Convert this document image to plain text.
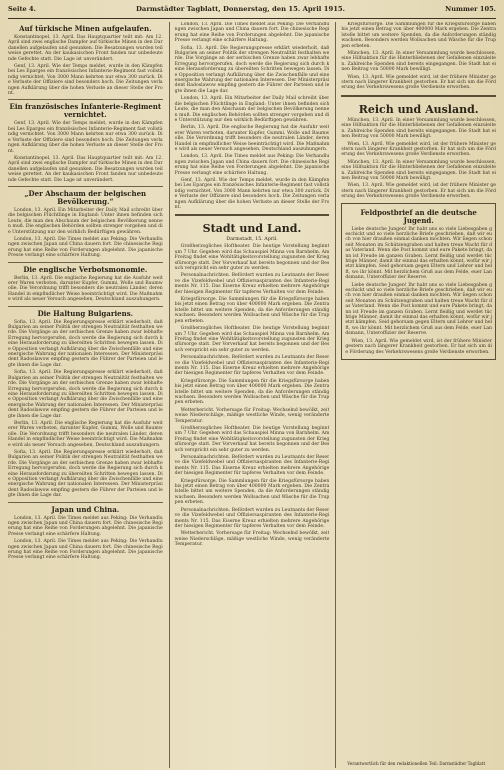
Seite 4.	Darmstädter Tagblatt, Donnerstag, den 15. April 1915.	Nummer 105.
Auf türkische Minen aufgelaufen.

Konstantinopel, 13. April. Das Hauptquartier teilt mit: Am 12. April sind zwei englische Dampfer auf türkische Minen in den Dardanellen aufgelaufen und gesunken. Die Besatzungen wurden teilweise gerettet. An der kaukasischen Front fanden nur unbedeutende Gefechte statt. Die Lage ist unverändert.

Genf, 13. April. Wie der Temps meldet, wurde in den Kämpfen bei Les Eparges ein französisches Infanterie-Regiment fast vollständig vernichtet. Von 3000 Mann kehrten nur etwa 300 zurück. Die Verluste der Offiziere sind besonders hoch. Die Zeitungen verlangen Aufklärung über die hohen Verluste an dieser Stelle der Front.

Ein französisches Infanterie-Regiment vernichtet.

Genf, 13. April. Wie der Temps meldet, wurde in den Kämpfen bei Les Eparges ein französisches Infanterie-Regiment fast vollständig vernichtet. Von 3000 Mann kehrten nur etwa 300 zurück. Die Verluste der Offiziere sind besonders hoch. Die Zeitungen verlangen Aufklärung über die hohen Verluste an dieser Stelle der Front.

Konstantinopel, 13. April. Das Hauptquartier teilt mit: Am 12. April sind zwei englische Dampfer auf türkische Minen in den Dardanellen aufgelaufen und gesunken. Die Besatzungen wurden teilweise gerettet. An der kaukasischen Front fanden nur unbedeutende Gefechte statt. Die Lage ist unverändert.

„Der Abschaum der belgischen Bevölkerung.“

London, 13. April. Ein Mitarbeiter der Daily Mail schreibt über die belgischen Flüchtlinge in England: Unter ihnen befinden sich Leute, die man den Abschaum der belgischen Bevölkerung nennen muß. Die englischen Behörden sollten strenger vorgehen und die Unterstützung nur den wirklich Bedürftigen gewähren.

London, 13. April. Die Times meldet aus Peking: Die Verhandlungen zwischen Japan und China dauern fort. Die chinesische Regierung hat eine Reihe von Forderungen abgelehnt. Die japanische Presse verlangt eine schärfere Haltung.

Die englische Verbotsmonomie.

Berlin, 13. April. Die englische Regierung hat die Ausfuhr weiterer Waren verboten, darunter Kupfer, Gummi, Wolle und Baumwolle. Die Verordnung trifft besonders die neutralen Länder, deren Handel in empfindlicher Weise beeinträchtigt wird. Die Maßnahme wird als neuer Versuch angesehen, Deutschland auszuhungern.

Die Haltung Bulgariens.

Sofia, 13. April. Die Regierungspresse erklärt wiederholt, daß Bulgarien an seiner Politik der strengen Neutralität festhalten werde. Die Vorgänge an der serbischen Grenze haben zwar lebhafte Erregung hervorgerufen, doch werde die Regierung sich durch keine Herausforderung zu übereilten Schritten bewegen lassen. Die Opposition verlangt Aufklärung über die Zwischenfälle und eine energische Wahrung der nationalen Interessen. Der Ministerpräsident Radoslawow empfing gestern die Führer der Parteien und legte ihnen die Lage dar.

Sofia, 13. April. Die Regierungspresse erklärt wiederholt, daß Bulgarien an seiner Politik der strengen Neutralität festhalten werde. Die Vorgänge an der serbischen Grenze haben zwar lebhafte Erregung hervorgerufen, doch werde die Regierung sich durch keine Herausforderung zu übereilten Schritten bewegen lassen. Die Opposition verlangt Aufklärung über die Zwischenfälle und eine energische Wahrung der nationalen Interessen. Der Ministerpräsident Radoslawow empfing gestern die Führer der Parteien und legte ihnen die Lage dar.

Berlin, 13. April. Die englische Regierung hat die Ausfuhr weiterer Waren verboten, darunter Kupfer, Gummi, Wolle und Baumwolle. Die Verordnung trifft besonders die neutralen Länder, deren Handel in empfindlicher Weise beeinträchtigt wird. Die Maßnahme wird als neuer Versuch angesehen, Deutschland auszuhungern.

Sofia, 13. April. Die Regierungspresse erklärt wiederholt, daß Bulgarien an seiner Politik der strengen Neutralität festhalten werde. Die Vorgänge an der serbischen Grenze haben zwar lebhafte Erregung hervorgerufen, doch werde die Regierung sich durch keine Herausforderung zu übereilten Schritten bewegen lassen. Die Opposition verlangt Aufklärung über die Zwischenfälle und eine energische Wahrung der nationalen Interessen. Der Ministerpräsident Radoslawow empfing gestern die Führer der Parteien und legte ihnen die Lage dar.

Japan und China.

London, 13. April. Die Times meldet aus Peking: Die Verhandlungen zwischen Japan und China dauern fort. Die chinesische Regierung hat eine Reihe von Forderungen abgelehnt. Die japanische Presse verlangt eine schärfere Haltung.

London, 13. April. Die Times meldet aus Peking: Die Verhandlungen zwischen Japan und China dauern fort. Die chinesische Regierung hat eine Reihe von Forderungen abgelehnt. Die japanische Presse verlangt eine schärfere Haltung.

London, 13. April. Die Times meldet aus Peking: Die Verhandlungen zwischen Japan und China dauern fort. Die chinesische Regierung hat eine Reihe von Forderungen abgelehnt. Die japanische Presse verlangt eine schärfere Haltung.

Sofia, 13. April. Die Regierungspresse erklärt wiederholt, daß Bulgarien an seiner Politik der strengen Neutralität festhalten werde. Die Vorgänge an der serbischen Grenze haben zwar lebhafte Erregung hervorgerufen, doch werde die Regierung sich durch keine Herausforderung zu übereilten Schritten bewegen lassen. Die Opposition verlangt Aufklärung über die Zwischenfälle und eine energische Wahrung der nationalen Interessen. Der Ministerpräsident Radoslawow empfing gestern die Führer der Parteien und legte ihnen die Lage dar.

London, 13. April. Ein Mitarbeiter der Daily Mail schreibt über die belgischen Flüchtlinge in England: Unter ihnen befinden sich Leute, die man den Abschaum der belgischen Bevölkerung nennen muß. Die englischen Behörden sollten strenger vorgehen und die Unterstützung nur den wirklich Bedürftigen gewähren.

Berlin, 13. April. Die englische Regierung hat die Ausfuhr weiterer Waren verboten, darunter Kupfer, Gummi, Wolle und Baumwolle. Die Verordnung trifft besonders die neutralen Länder, deren Handel in empfindlicher Weise beeinträchtigt wird. Die Maßnahme wird als neuer Versuch angesehen, Deutschland auszuhungern.

London, 13. April. Die Times meldet aus Peking: Die Verhandlungen zwischen Japan und China dauern fort. Die chinesische Regierung hat eine Reihe von Forderungen abgelehnt. Die japanische Presse verlangt eine schärfere Haltung.

Genf, 13. April. Wie der Temps meldet, wurde in den Kämpfen bei Les Eparges ein französisches Infanterie-Regiment fast vollständig vernichtet. Von 3000 Mann kehrten nur etwa 300 zurück. Die Verluste der Offiziere sind besonders hoch. Die Zeitungen verlangen Aufklärung über die hohen Verluste an dieser Stelle der Front.

Stadt und Land.
Darmstadt, 15. April.

Großherzogliches Hoftheater. Die heutige Vorstellung beginnt um 7 Uhr. Gegeben wird das Schauspiel Minna von Barnhelm. Am Freitag findet eine Wohltätigkeitsvorstellung zugunsten der Kriegsfürsorge statt. Der Vorverkauf hat bereits begonnen und der Besuch verspricht ein sehr guter zu werden.

Personalnachrichten. Befördert wurden zu Leutnants der Reserve die Vizefeldwebel und Offiziersaspiranten des Infanterie-Regiments Nr. 115. Das Eiserne Kreuz erhielten mehrere Angehörige der hiesigen Regimenter für tapferes Verhalten vor dem Feinde.

Kriegsfürsorge. Die Sammlungen für die Kriegsfürsorge haben bis jetzt einen Betrag von über 400000 Mark ergeben. Die Zentralstelle bittet um weitere Spenden, da die Anforderungen ständig wachsen. Besonders werden Wollsachen und Wäsche für die Truppen erbeten.

Großherzogliches Hoftheater. Die heutige Vorstellung beginnt um 7 Uhr. Gegeben wird das Schauspiel Minna von Barnhelm. Am Freitag findet eine Wohltätigkeitsvorstellung zugunsten der Kriegsfürsorge statt. Der Vorverkauf hat bereits begonnen und der Besuch verspricht ein sehr guter zu werden.

Personalnachrichten. Befördert wurden zu Leutnants der Reserve die Vizefeldwebel und Offiziersaspiranten des Infanterie-Regiments Nr. 115. Das Eiserne Kreuz erhielten mehrere Angehörige der hiesigen Regimenter für tapferes Verhalten vor dem Feinde.

Kriegsfürsorge. Die Sammlungen für die Kriegsfürsorge haben bis jetzt einen Betrag von über 400000 Mark ergeben. Die Zentralstelle bittet um weitere Spenden, da die Anforderungen ständig wachsen. Besonders werden Wollsachen und Wäsche für die Truppen erbeten.

Wetterbericht. Vorhersage für Freitag: Wechselnd bewölkt, zeitweise Niederschläge, mäßige westliche Winde, wenig veränderte Temperatur.

Großherzogliches Hoftheater. Die heutige Vorstellung beginnt um 7 Uhr. Gegeben wird das Schauspiel Minna von Barnhelm. Am Freitag findet eine Wohltätigkeitsvorstellung zugunsten der Kriegsfürsorge statt. Der Vorverkauf hat bereits begonnen und der Besuch verspricht ein sehr guter zu werden.

Personalnachrichten. Befördert wurden zu Leutnants der Reserve die Vizefeldwebel und Offiziersaspiranten des Infanterie-Regiments Nr. 115. Das Eiserne Kreuz erhielten mehrere Angehörige der hiesigen Regimenter für tapferes Verhalten vor dem Feinde.

Kriegsfürsorge. Die Sammlungen für die Kriegsfürsorge haben bis jetzt einen Betrag von über 400000 Mark ergeben. Die Zentralstelle bittet um weitere Spenden, da die Anforderungen ständig wachsen. Besonders werden Wollsachen und Wäsche für die Truppen erbeten.

Personalnachrichten. Befördert wurden zu Leutnants der Reserve die Vizefeldwebel und Offiziersaspiranten des Infanterie-Regiments Nr. 115. Das Eiserne Kreuz erhielten mehrere Angehörige der hiesigen Regimenter für tapferes Verhalten vor dem Feinde.

Wetterbericht. Vorhersage für Freitag: Wechselnd bewölkt, zeitweise Niederschläge, mäßige westliche Winde, wenig veränderte Temperatur.

Kriegsfürsorge. Die Sammlungen für die Kriegsfürsorge haben bis jetzt einen Betrag von über 400000 Mark ergeben. Die Zentralstelle bittet um weitere Spenden, da die Anforderungen ständig wachsen. Besonders werden Wollsachen und Wäsche für die Truppen erbeten.

München, 13. April. In einer Versammlung wurde beschlossen, eine Hilfsaktion für die Hinterbliebenen der Gefallenen einzuleiten. Zahlreiche Spenden sind bereits eingegangen. Die Stadt hat einen Beitrag von 50000 Mark bewilligt.

Wien, 13. April. Wie gemeldet wird, ist der frühere Minister gestern nach längerer Krankheit gestorben. Er hat sich um die Förderung des Verkehrswesens große Verdienste erworben.

Reich und Ausland.

München, 13. April. In einer Versammlung wurde beschlossen, eine Hilfsaktion für die Hinterbliebenen der Gefallenen einzuleiten. Zahlreiche Spenden sind bereits eingegangen. Die Stadt hat einen Beitrag von 50000 Mark bewilligt.

Wien, 13. April. Wie gemeldet wird, ist der frühere Minister gestern nach längerer Krankheit gestorben. Er hat sich um die Förderung des Verkehrswesens große Verdienste erworben.

München, 13. April. In einer Versammlung wurde beschlossen, eine Hilfsaktion für die Hinterbliebenen der Gefallenen einzuleiten. Zahlreiche Spenden sind bereits eingegangen. Die Stadt hat einen Beitrag von 50000 Mark bewilligt.

Wien, 13. April. Wie gemeldet wird, ist der frühere Minister gestern nach längerer Krankheit gestorben. Er hat sich um die Förderung des Verkehrswesens große Verdienste erworben.

Feldpostbrief an die deutsche Jugend.

Liebe deutsche Jungen! Ihr habt uns so viele Liebesgaben geschickt und so viele herzliche Briefe geschrieben, daß wir euch von hier draußen einmal danken möchten. Wir liegen schon seit Monaten im Schützengraben und halten treue Wacht für das Vaterland. Wenn die Post kommt und eure Pakete bringt, dann ist Freude im ganzen Graben. Lernt fleißig und werdet tüchtige Männer, damit ihr einmal das erhalten könnt, wofür wir jetzt kämpfen. Seid gehorsam gegen Eltern und Lehrer und helft, wo ihr könnt. Mit herzlichem Gruß aus dem Felde, euer Landsmann, Unteroffizier der Reserve.

Liebe deutsche Jungen! Ihr habt uns so viele Liebesgaben geschickt und so viele herzliche Briefe geschrieben, daß wir euch von hier draußen einmal danken möchten. Wir liegen schon seit Monaten im Schützengraben und halten treue Wacht für das Vaterland. Wenn die Post kommt und eure Pakete bringt, dann ist Freude im ganzen Graben. Lernt fleißig und werdet tüchtige Männer, damit ihr einmal das erhalten könnt, wofür wir jetzt kämpfen. Seid gehorsam gegen Eltern und Lehrer und helft, wo ihr könnt. Mit herzlichem Gruß aus dem Felde, euer Landsmann, Unteroffizier der Reserve.

Wien, 13. April. Wie gemeldet wird, ist der frühere Minister gestern nach längerer Krankheit gestorben. Er hat sich um die Förderung des Verkehrswesens große Verdienste erworben.

Verantwortlich für den redaktionellen Teil: Darmstädter Tagblatt
